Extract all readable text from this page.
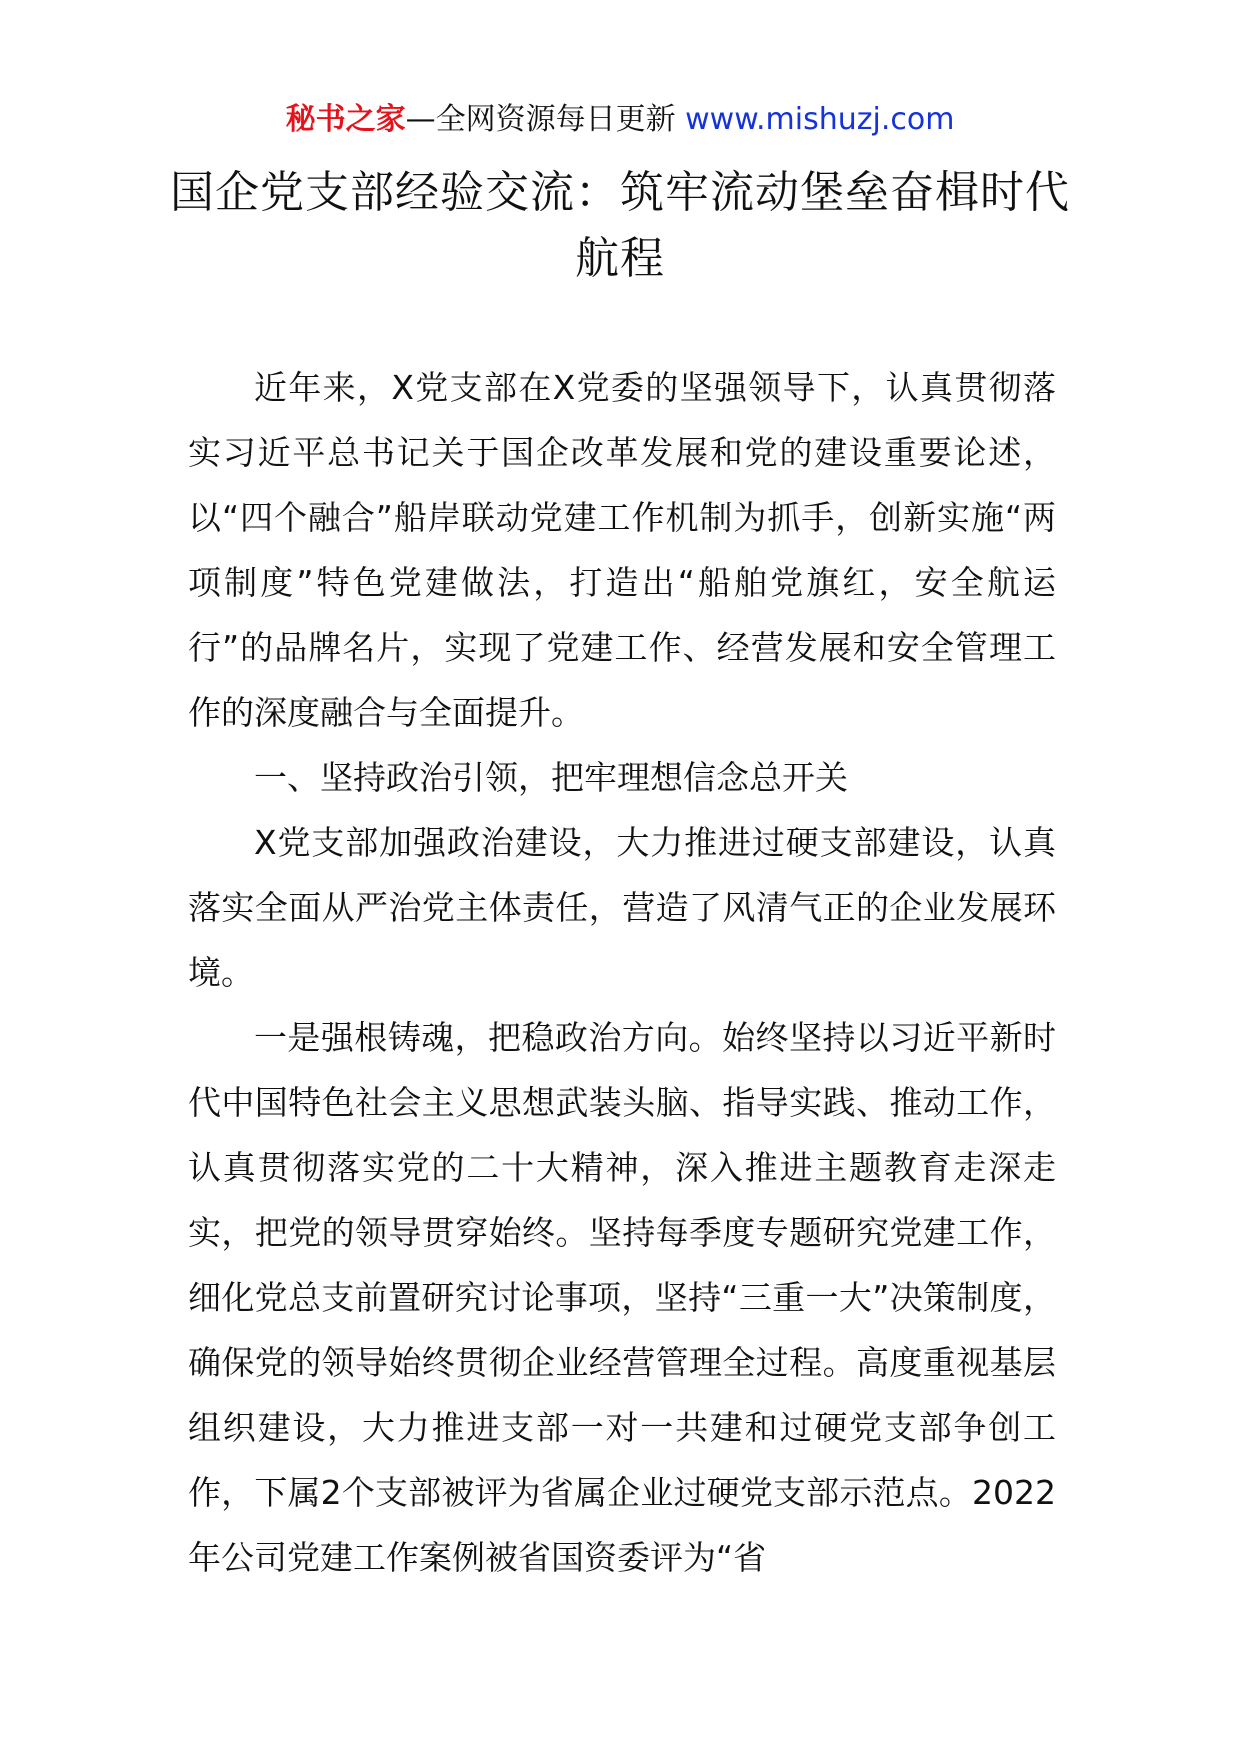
秘书之家—全网资源每日更新 www.mishuzj.com
国企党支部经验交流：筑牢流动堡垒奋楫时代航程

近年来，X党支部在X党委的坚强领导下，认真贯彻落实习近平总书记关于国企改革发展和党的建设重要论述，以“四个融合”船岸联动党建工作机制为抓手，创新实施“两项制度”特色党建做法，打造出“船舶党旗红，安全航运行”的品牌名片，实现了党建工作、经营发展和安全管理工作的深度融合与全面提升。

一、坚持政治引领，把牢理想信念总开关

X党支部加强政治建设，大力推进过硬支部建设，认真落实全面从严治党主体责任，营造了风清气正的企业发展环境。

一是强根铸魂，把稳政治方向。始终坚持以习近平新时代中国特色社会主义思想武装头脑、指导实践、推动工作，认真贯彻落实党的二十大精神，深入推进主题教育走深走实，把党的领导贯穿始终。坚持每季度专题研究党建工作，细化党总支前置研究讨论事项，坚持“三重一大”决策制度，确保党的领导始终贯彻企业经营管理全过程。高度重视基层组织建设，大力推进支部一对一共建和过硬党支部争创工作，下属2个支部被评为省属企业过硬党支部示范点。2022年公司党建工作案例被省国资委评为“省
